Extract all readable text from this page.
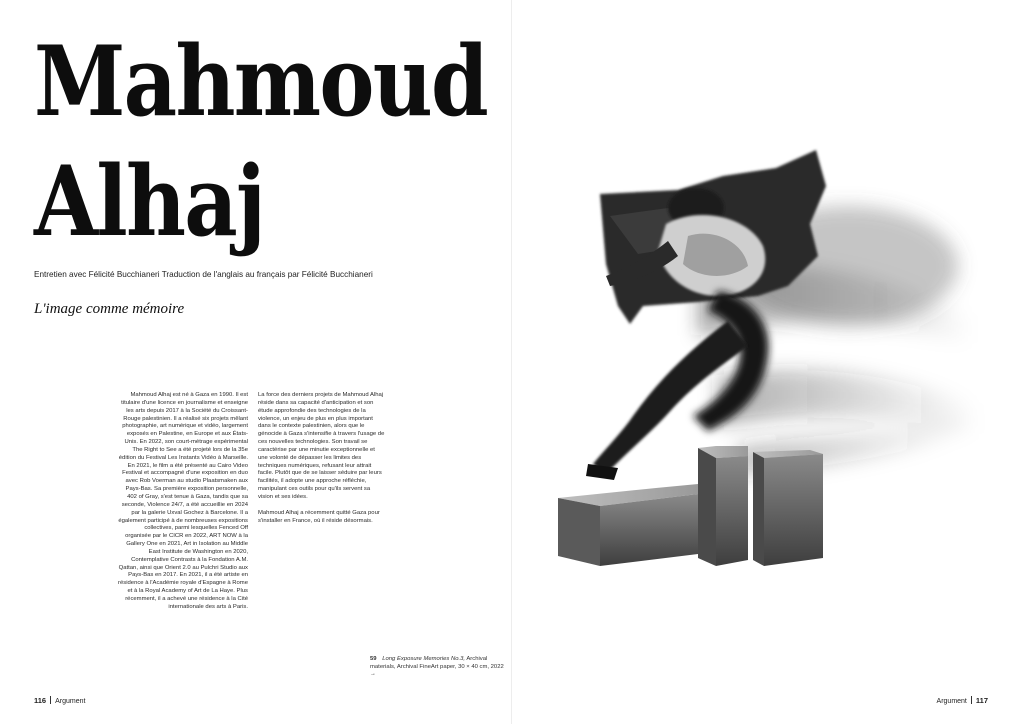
Mahmoud
Alhaj
Entretien avec Félicité Bucchianeri Traduction de l'anglais au français par Félicité Bucchianeri
L'image comme mémoire

Mahmoud Alhaj est né à Gaza en 1990. Il est titulaire d'une licence en journalisme et enseigne les arts depuis 2017 à la Société du Croissant-Rouge palestinien. Il a réalisé six projets mêlant photographie, art numérique et vidéo, largement exposés en Palestine, en Europe et aux États-Unis. En 2022, son court-métrage expérimental The Right to See a été projeté lors de la 35e édition du Festival Les Instants Vidéo à Marseille. En 2021, le film a été présenté au Cairo Video Festival et accompagné d'une exposition en duo avec Rob Voerman au studio Plaatsmaken aux Pays-Bas. Sa première exposition personnelle, 402 of Gray, s'est tenue à Gaza, tandis que sa seconde, Violence 24/7, a été accueillie en 2024 par la galerie Uxval Gochez à Barcelone. Il a également participé à de nombreuses expositions collectives, parmi lesquelles Fenced Off organisée par le CICR en 2022, ART NOW à la Gallery One en 2021, Art in Isolation au Middle East Institute de Washington en 2020, Contemplative Contrasts à la Fondation A.M. Qattan, ainsi que Orient 2.0 au Pulchri Studio aux Pays-Bas en 2017. En 2021, il a été artiste en résidence à l'Académie royale d'Espagne à Rome et à la Royal Academy of Art de La Haye. Plus récemment, il a achevé une résidence à la Cité internationale des arts à Paris.

La force des derniers projets de Mahmoud Alhaj réside dans sa capacité d'anticipation et son étude approfondie des technologies de la violence, un enjeu de plus en plus important dans le contexte palestinien, alors que le génocide à Gaza s'intensifie à travers l'usage de ces nouvelles technologies. Son travail se caractérise par une minutie exceptionnelle et une volonté de dépasser les limites des techniques numériques, refusant leur attrait facile. Plutôt que de se laisser séduire par leurs facilités, il adopte une approche réfléchie, manipulant ces outils pour qu'ils servent sa vision et ses idées.

Mahmoud Alhaj a récemment quitté Gaza pour s'installer en France, où il réside désormais.

59 Long Exposure Memories No.3, Archival materials, Archival FineArt paper, 30 × 40 cm, 2022 →
116 Argument	Argument 117
